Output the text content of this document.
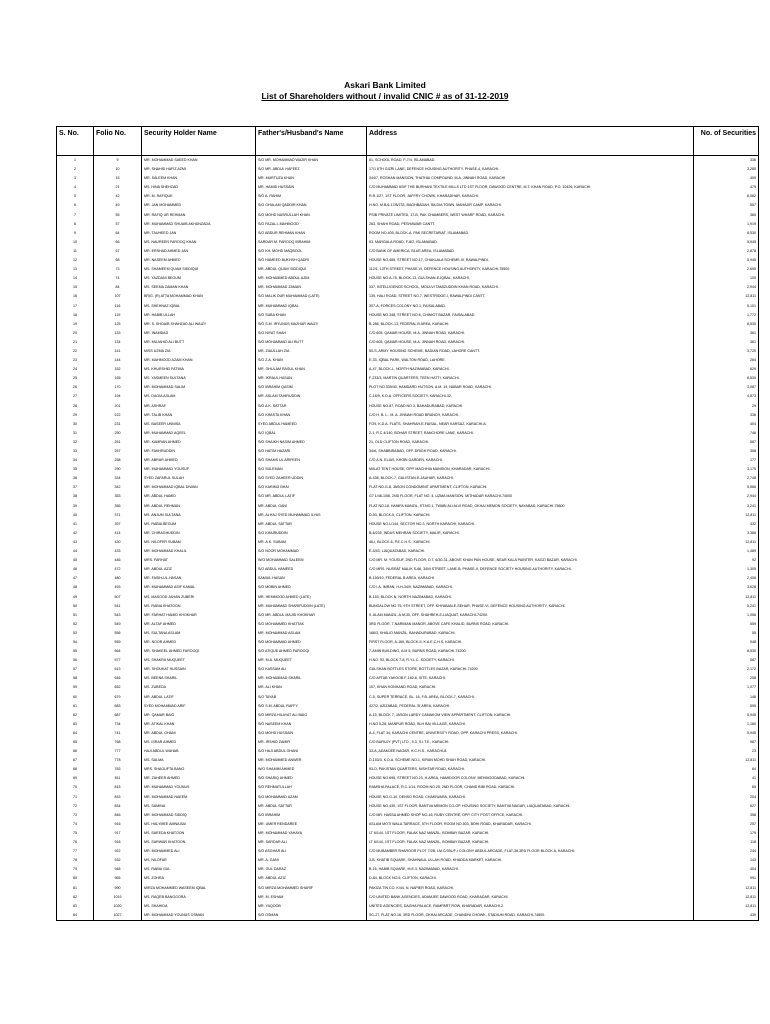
Askari Bank Limited
List of Shareholders without / invalid CNIC # as of 31-12-2019
S. No.	Folio No.	Security Holder Name	Father's/Husband's Name	Address	No. of Securities
1	9	MR. MOHAMMAD SAEED KHAN	S/O MR. MOHAMMAD WAZIR KHAN	61, SCHOOL ROAD, F-7/4, ISLAMABAD.	336
2	10	MR. SHAHID HAFIZ AZMI	S/O MR. ABDUL HAFEEZ	17/1 6TH GIZRI LANE, DEFENCE HOUSING AUTHORITY, PHASE-4, KARACHI.	3,280
3	15	MR. SALEEM KHAN	MR. MURTUZA KHAN	344/7, ROSHAN MANSION, THATHAI COMPOUND, M.A. JINNAH ROAD, KARACHI.	409
4	21	MS. HINA SHEHZAD	MR. HAMID HUSSAIN	C/O MUHAMMAD ASIF THE BURHANI TEXTILE MILLS LTD 1ST FLOOR, DAWOOD CENTRE, M.T. KHAN ROAD, P.O. 10426, KARACHI.	479
5	42	MR. M. RAFIQUE	S/O A. RAHIM	R.R.1/27, 1ST FLOOR, JAFFRY CHOWK, KHARADHAR, KARACHI.	8,082
6	49	MR. JAN MOHAMMED	S/O GHULAM QADDIR KHAN	H.NO. M.B.6-17/8/733, BAGHBADAH, BILDIA TOWN, MAHAJIR CAMP, KARACHI.	557
7	55	MR. RAFIQ UR REHMAN	S/O MOHD NASRULLAH KHAN	PSIB PRIVATE LIMITED, 17-B, PAK CHAMBERS, WEST WHARF ROAD, KARACHI.	365
8	57	MR. MUHAMMAD SHUAIB AKHUNZADA	S/O FAZAL-I-MAHMOOD	263, SHAHI ROAD, PESHAWAR CANTT.	1,919
9	64	MR. TAUHEED JAN	S/O ABDUR REHMAN KHAN	ROOM NO.405, BLOCK-A, PAK SECRETARIAT, ISLAMABAD.	8,530
10	66	MS. NAUREEN FAROOQ KHAN	SARDAR M. FAROOQ IBRAHIM	93, MARGALA ROAD, F-8/2, ISLAMABAD.	5,945
11	67	MR. ERSHAD AHMED JAN	S/O KH. MOHD MAQBOOL	C/O BANK OF AMERICA, BLUE AREA, ISLAMABAD.	2,878
12	68	MR. NASEEM AHMED	S/O HAMEED BUKHSH QADRI	HOUSE NO.485, STREET NO.17, CHAKLALA SCHEME-III, RAWALPINDI.	5,945
13	73	MS. SHAMEEM QUAM SIDDIQUI	MR. ABDUL QUAVI SIDDIQUI	112/1, 13TH STREET, PHASE-VI, DEFENCE HOUSING AUTHORITY, KARACHI-75500.	2,695
14	74	MS. YAZDANI BEGUM	MR. MOHAMMED ABDUL AZIM	HOUSE NO.A-75, BLOCK-13, GULSHAN-E-IQBAL, KARACHI.	100
15	84	MS. SEEMA ZAMAN KHAN	MR. MOHAMMAD ZAMAN	337, INTELLIGENCE SCHOOL, MOULVI TAMIZUDDIN KHAN ROAD, KARACHI.	2,944
16	107	BRIG. (R) ATTA MOHAMMAD KHAN	S/O MALIK DUR MUHAMMAD (LATE)	139, HALI ROAD, STREET NO.7, WESTRIDGE-I, RAWALPINDI CANTT.	12,811
17	116	MS. SHEHNAZ IQBAL	MR. MUHAMMAD IQBAL	307-A, FORCES COLONY NO.1, FAISALABAD.	5,101
18	119	MR. HABIB ULLAH	S/O SUBA KHAN	HOUSE NO.348, STREET NO.6, CHINIOT BAZAR, FAISALABAD.	1,772
19	125	MR. S. SHOAIB SHAHZAD ALI WAIZY	S/O S.M. IRYUNUS MAZHAR WAIZY	B-286, BLOCK-13, FEDERAL B AREA, KARACHI.	8,530
20	133	MR. INAMDAD	S/O NIYAT SHAH	C/O 605, QAMAR HOUSE, M.A. JINNAH ROAD, KARACHI.	361
21	134	MR. MUJAHID ALI BUTT	S/O MOHAMMAD ALI BUTT	C/O 605, QAMAR HOUSE, M.A. JINNAH ROAD, KARACHI.	361
22	141	MISS UZMA ZIA	MR. ZIAULLAH ZIA	50-S, ARMY HOUSING SCHEME, BADIAN ROAD, LAHORE CANTT.	3,720
23	144	MR. MAHMOOD AZAM KHAN	S/O Z.A. KHAN	E-33, IQBAL PARK, WALTON ROAD, LAHORE.	284
24	152	MS. KHURSHID FATIMA	MR. GHULAM RASUL KHAN	A-47, BLOCK-L, NORTH NAZIMABAD, KARACHI.	629
25	165	MS. YASMEEN SULTANA	MR. IKRAUL HASAN	F-233/3, MARTIN QUARTERS, TEEN HATTI, KARACHI.	8,530
26	170	MR. MOHAMMAD SALIM	S/O IBRAHIM QASIM	PLOT NO.339/40, HAMDARD HUTSON, A.M. 19, NABAR ROAD, KARACHI.	3,087
27	194	MS. DAGIA ASLAM	MR. ASLAM TAHIRUDDIN	C-16/9, K.D.A. OFFICERS SOCIETY, KARACHI-32.	4,873
28	201	MR. ASHRAF	S/O A.K. SATTAR	HOUSE NO.87, ROAD NO.3, BAHADURABAD, KARACHI.	29
29	222	MR. TALIB KHAN	S/O KHASTA KHAN	C/O H. B. L., M. A. JINNAH ROAD BRANCH, KARACHI.	336
30	231	MS. BASEER UNNISA	SYED ABDUL HAMEED	F/29, K.D.A. FLATS, SHAHRAH-E-FAISAL, NEAR KARSAZ, KARACHI-8.	404
31	250	MR. MUHAMMAD AQEEL	S/O IQBAL	2-1, R.C.4/140, BOHAR STREET, RANCHORE LANE, KARACHI.	746
32	251	MR. KAMRAN AHMED	S/O SHAIKH NASIM AHMED	21, OLD CLIFTON ROAD, KARACHI.	587
33	257	MR. FAKHRUDDIN	S/O HATIM HAZARI	34/A, SHABBIRABAD, OFF. DRIGH ROAD, KARACHI.	358
34	258	MR. ABRAR AHMED	S/O SHAMS UL ARIFEEN	C/O A.N. ELIAS, KHOBI GARDEN, KARACHI.	177
35	290	MR. MUHAMMAD YOUSUF	S/O SULEMAN	MIILAT TENT HOUSE, OPP. MACHHIA MANSION, KHARADAR, KARACHI.	3,175
36	334	SYED ZAFARUL SULAH	S/O SYED ZAHEER UDDIN	A-436, BLOCK-7, GULISTAN-E-JAUHAR, KARACHI.	2,748
37	342	MR. MOHAMMAD IQBAL DIWAN	S/O KARIMJI BHAI	FLAT NO.G-8, JASON CONDOMINIT APARTMENT, CLIFTON, KARACHI.	5,566
38	353	MR. ABDUL HAMID	S/O MR. ABDUL LATIF	G7 1/48-1/56, 2ND FLOOR, FLAT NO. 4, UZMA MANSION, MITHADAR KARACHI-74000	2,944
39	356	MR. ABDUL REHMAN	MR. ABDUL GANI	FLAT NO.18, HANIFA MANZIL, ST.NO.1, TWABI ALI ALVI ROAD, OKHAI MEMON SOCIETY, NAYABAD, KARACHI-75600	3,241
40	371	MS. ANJUM SULTANA	MR. ALHAJ SYED MUHAMMAD ILYAS	D-53, BLOCK-5, CLIFTON, KARACHI.	12,811
41	397	MS. RABIA BEGUM	MR. ABDUL SATTAR	HOUSE NO.L/144, SECTOR NO.3, NORTH KARACHI, KARACHI.	432
42	414	MR. CHIRAGHUDDIN	S/O KHAIRUDDIN	B-6/235, INDUS MEHRAN SOCIETY, MALIR, KARACHI.	3,366
43	430	MS. NILOFER SUBAM	MR. A.K. SUBAM	46-I, BLOCK-6, P.E.C.H.S., KARACHI.	12,811
44	433	MR. MOHAMMAD KHALIL	S/O NOOR MOHAMMAD	E-4/43, LIAQUATABAD, KARACHI.	1,489
45	446	MRS. FARHAT	W/O MOHAMMAD SALEEM	C/O MR. M. YOUSUF, 2ND FLOOR, D.T. 6/30-31, ABOVE KHAN PAN HOUSE, NEAR KALA PAINTER, KAGZI BAZAR, KARACHI.	92
46	472	MR. ABDUL AZIZ	S/O ABDUL HAMEED	C/O MRS. NUSRAT MALIK S-66, 34NI STREET, LANE-B, PHASE-II, DEFENCE SOCIETY HOUSING AUTHORITY, KARACHI.	1,305
47	480	MR. FASIH-UL-HASAN	SAMIUL HASAN	B-159/10, FEDERAL B AREA, KARACHI.	2,406
48	493	MR. MUHAMMAD ASIF KAMAL	S/O MOBIN AHMED	C/O I.A. IMRAN, H-H-34/9, NAZIMABAD, KARACHI.	3,628
49	507	MS. MASOOD JAHAN ZUBERI	MR. HEMMOOD AHMED (LATE)	B-153, BLOCK N, NORTH NAZIMABAD, KARACHI.	12,811
50	541	MS. RABIA KHATOON	MR. MUHAMMAD SHARIFUDDIN (LATE)	BUNGALOW NO.75, 9TH STREET, OFF. KHYABAN-E-SEHAR, PHASE-VI, DEFENCE HOUSING AUTHORITY, KARACHI.	5,241
51	543	MR. FARHAT HAMID KHOKHAR	S/O MR. ABDUL MAJID KHOKHAR	9, ALAM MANZIL, A.M.30, OFF. SHAHREH-E-LIAQUAT, KARACHI-74200.	1,056
52	549	MR. ALTAF AHMED	S/O MOHAMMED KHATTAK	3RD FLOOR, 7-NARIMAN MANOR, ABOVE CAFE KHALID, BURNS ROAD, KARACHI.	559
53	556	MS. SULTANA ASLAM	MR. MOHAMMAD ASLAM	166/3, KHALID MANZIL, BAHADURABAD, KARACHI.	55
54	559	MR. NOOR AHMED	S/O MOHAMMAD AHMED	FIRST FLOOR, A-160, BLOCK-II, K.A.E.C.H.S, KARACHI.	948
55	564	MR. SHAKEEL AHMED FAROOQI	S/O ATIQUE AHMED FAROOQI	7-AMIN BUILDING, A.M 5, BURNS ROAD, KARACHI-74200.	8,530
56	577	MS. SHAKRA MUQUEET	MR. M.A. MUQUEET	H.NO. 53, BLOCK 7-8, R.Y.L.C. SOCIETY, KARACHI.	587
57	613	MR. SHOUKAT HUSSAIN	S/O KASSAM ALI	GULSHAN BOTTLES STORE, BOTTLES BAZAR, KARACHI-74200.	2,172
58	646	MS. BEENA SHARIL	MR. MOHAMMAD SHARIL	C/O AFTAB YAKOOB F-182-6, SITE, KARACHI.	258
59	652	MS. ZUBEDA	MR. ALI KHAN	107, KHAN KONHAND ROAD, KARACHI.	1,077
60	679	MR. ABDUL LATIF	S/O TAYAB	C-5, SUPER TERRACE, BL. 16, F.B. AREA, BLOCK-7, KARACHI.	146
61	683	SYED MOHAMMAD ARIF	S/O S.M. ABDUL RAFFY	427/2, AZIZABAD, FEDERAL 'B' AREA, KARACHI.	595
62	687	MR. QAMAR BAIG	S/O MIRZA HILAYAT ALI BAIG	A-15, BLOCK 7, JASON LARDY CAMAKOM VIEW APPARTMENT, CLIFTON, KARACHI.	5,945
63	734	MR. ATIKAL KHAN	S/O NASEEM KHAN	H.NO 5-28, MANPUR ROAD, BLH BAI VILLAGE, KARACHI.	1,160
64	741	MR. ABDUL GHANI	S/O MOHD HUSSAIN	A-4, FLAT 34, KARACHI CENTRE, UNIVERSITY ROAD, OPP. KARACHI PRESS, KARACHI.	5,945
65	768	MS. ISRAR AHMED	MR. IRSHID ZAMIR	C/O BURUJY (PVT) LTD., 9-3, S.I.T.E., KARACHI.	987
66	777	HAJI ABDUL WAHAB	S/O HAJI ABDUL GHANI	33-A, ADAMJEE NAGAR, K.C.H.S., KARACHI-8.	23
67	778	MS. SALMA	MR. MOHAMMED ANWER	D-153/3, K.D.A. SCHEME NO.1, KIRAN MOHD SHAH ROAD, KARACHI.	12,811
68	783	MRS. SHAGUFTA BANO	W/O SHAMIM AHMED	93-D, PAKISTAN QUARTERS, NISHTAR ROAD, KARACHI.	64
69	811	MR. ZAHEER AHMED	S/O SHARIQ AHMED	HOUSE NO.695, STREET NO.23, H.AREA, HAMIDOOR COLONY, MEHMOODABAD, KARACHI.	41
70	815	MR. MUHAMMAD YOUNUS	S/O REHMATULLAH	RAMSHA PALACE, R.C.1/14, ROOM NO.25, 2ND FLOOR, CHAND BIBI ROAD, KARACHI.	65
71	833	MR. MOHAMMAD NAEEM	S/O MOHAMMAD AZAM	HOUSE NO.G-10, DENSO ROAD, CHAKIWARA, KARACHI.	204
72	834	MS. SAMINA	MR. ABDUL SATTAR	HOUSE NO.430, 1ST FLOOR, BANTVA MEMON CO-OP. HOUSING SOCIETY, BANTVA NAGAR, LIAQUATABAD, KARACHI.	627
73	846	MR. MOHAMMAD SIDDIQ	S/O IBRAHIM	C/O MR. HASSA AHMED SHOP NO-16, RUBY CENTRE, OPP. CITY POST OFFICE, KARACHI.	358
74	916	MS. HALYMEE AMNA BAI	MR. UMER RENDAREE	ASLAM MOTI WALA TARRACE, 5TH FLOOR, ROOM NO.503, BOHI ROAD, KHARADAR, KARACHI.	257
75	917	MS. SAEEDA KHATOON	MR. MOHAMMAD YAHAYA	LT 6/144, 1ST FLOOR, FALAK NAZ MANZIL, BOMBAY BAZAR, KARACHI.	179
76	918	MS. SARWAR KHATOON	MR. SARDAR ALI	LT 6/144, 1ST FLOOR, FALAK NAZ MANZIL, BOMBAY BAZAR, KARACHI.	118
77	922	MR. MOHAMMED ALI	S/O ASGHAR ALI	C/O MUBAMBER SHAROOR PLOT 7/2B, LM.C/39L/F-I COLONY ABDUL ARCADE, FLAT-38,3RD FLOOR BLOCK A, KARACHI.	244
78	932	MS. NILOFAR	MR. A. GANI	3-B, KHATIB SQUARE, SHAHNAUL ULLAH ROAD, KHADDA MARKET, KARACHI.	143
79	948	MS. RABIA GUL	MR. GUL DARAZ	B-16, HABIB SQUARE, M.E.3, NAZIMABAD, KARACHI.	404
80	965	MS. ZOHRA	MR. ABDUL AZIZ	D-84, BLOCK NO.5, CLIFTON, KARACHI.	991
81	990	MIRZA MOHAMMED WASEEM IQBAL	S/O MIRZA MOHAMMED SHARIF	PAKIZA TIN CO. K/44, N. NAPIER ROAD, KARACHI.	12,811
82	1019	MS. RAQEB BANGGORA	MR. M. ESHAM	C/O UNITED BANK AGENCIES, ADAMJEE DAWOOD ROAD, KHARADAR, KARACHI.	12,811
83	1020	MS. SHAHIDA	MR. YAQOOB	UNITED AGENCIES, DAGHA PALACE, RAMPART ROW, KHARADAR, KARACHI-2.	12,811
84	1027	MR. MOHAMMAD YOUNUS OSMAN	S/O OSMAN	SC-27, FLAT NO.16, 3RD FLOOR, OKHAI ARCADE, CHANDNI CHOWK, STADIUM ROAD, KARACHI-74800.	439
